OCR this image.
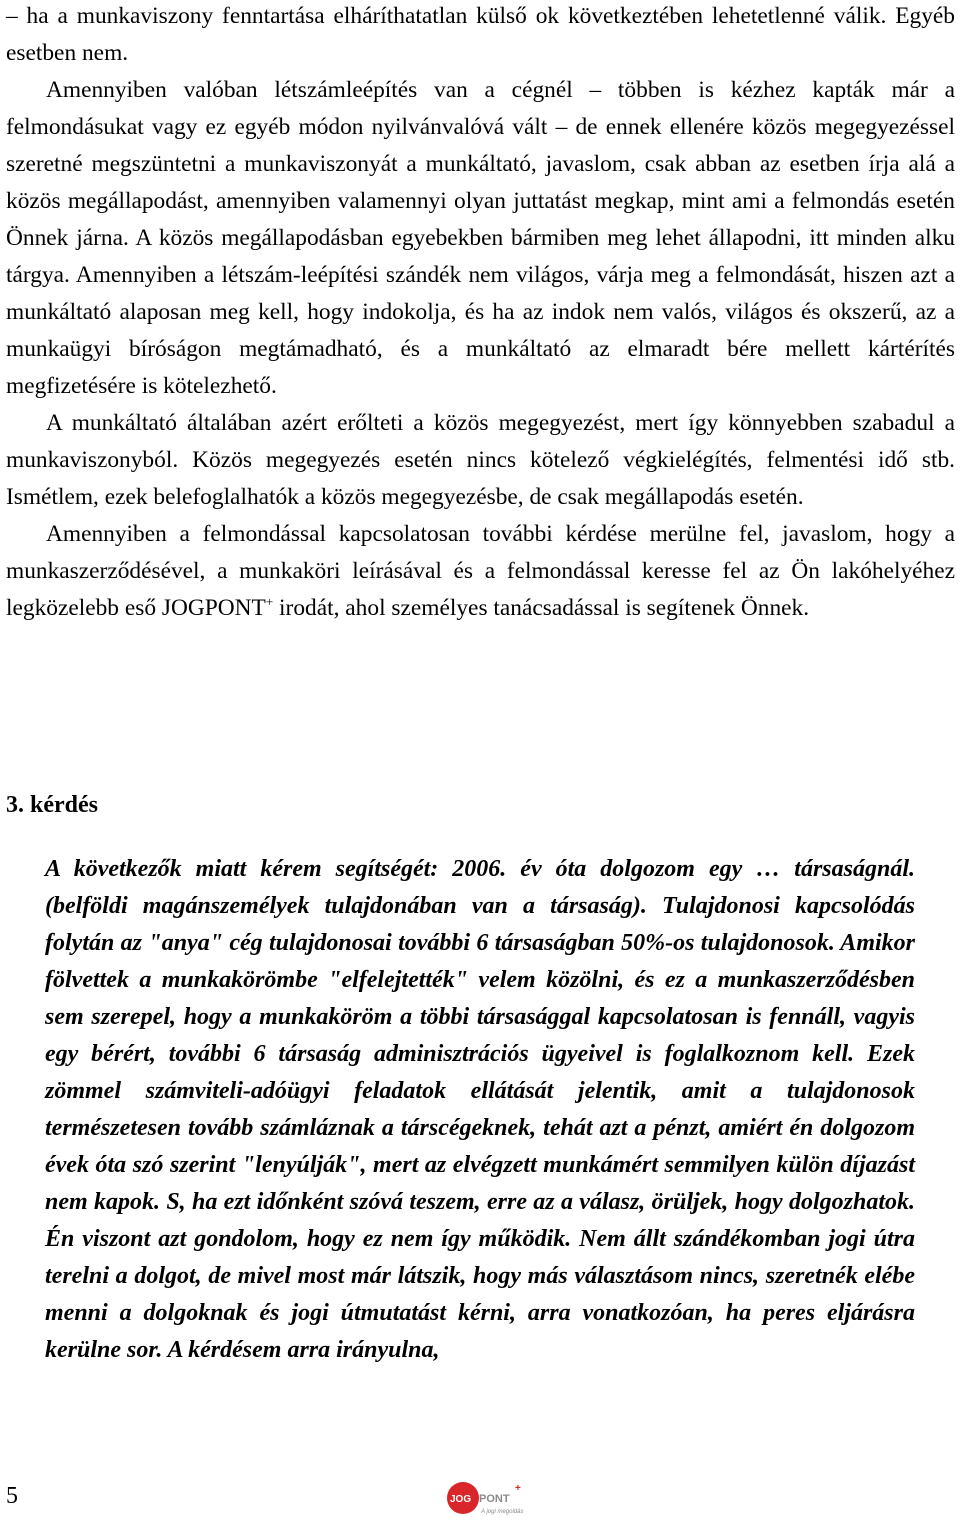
– ha a munkaviszony fenntartása elháríthatatlan külső ok következtében lehetetlenné válik. Egyéb esetben nem.

Amennyiben valóban létszámleépítés van a cégnél – többen is kézhez kapták már a felmondásukat vagy ez egyéb módon nyilvánvalóvá vált – de ennek ellenére közös megegyezéssel szeretné megszüntetni a munkaviszonyát a munkáltató, javaslom, csak abban az esetben írja alá a közös megállapodást, amennyiben valamennyi olyan juttatást megkap, mint ami a felmondás esetén Önnek járna. A közös megállapodásban egyebekben bármiben meg lehet állapodni, itt minden alku tárgya. Amennyiben a létszám-leépítési szándék nem világos, várja meg a felmondását, hiszen azt a munkáltató alaposan meg kell, hogy indokolja, és ha az indok nem valós, világos és okszerű, az a munkaügyi bíróságon megtámadható, és a munkáltató az elmaradt bére mellett kártérítés megfizetésére is kötelezhető.

A munkáltató általában azért erőlteti a közös megegyezést, mert így könnyebben szabadul a munkaviszonyból. Közös megegyezés esetén nincs kötelező végkielégítés, felmentési idő stb. Ismétlem, ezek belefoglalhatók a közös megegyezésbe, de csak megállapodás esetén.

Amennyiben a felmondással kapcsolatosan további kérdése merülne fel, javaslom, hogy a munkaszerződésével, a munkaköri leírásával és a felmondással keresse fel az Ön lakóhelyéhez legközelebb eső JOGPONT+ irodát, ahol személyes tanácsadással is segítenek Önnek.

3. kérdés

A következők miatt kérem segítségét: 2006. év óta dolgozom egy … társaságnál. (belföldi magánszemélyek tulajdonában van a társaság). Tulajdonosi kapcsolódás folytán az "anya" cég tulajdonosai további 6 társaságban 50%-os tulajdonosok. Amikor fölvettek a munkakörömbe "elfelejtették" velem közölni, és ez a munkaszerződésben sem szerepel, hogy a munkaköröm a többi társasággal kapcsolatosan is fennáll, vagyis egy bérért, további 6 társaság adminisztrációs ügyeivel is foglalkoznom kell. Ezek zömmel számviteli-adóügyi feladatok ellátását jelentik, amit a tulajdonosok természetesen tovább számláznak a társcégeknek, tehát azt a pénzt, amiért én dolgozom évek óta szó szerint "lenyúlják", mert az elvégzett munkámért semmilyen külön díjazást nem kapok. S, ha ezt időnként szóvá teszem, erre az a válasz, örüljek, hogy dolgozhatok. Én viszont azt gondolom, hogy ez nem így működik. Nem állt szándékomban jogi útra terelni a dolgot, de mivel most már látszik, hogy más választásom nincs, szeretnék elébe menni a dolgoknak és jogi útmutatást kérni, arra vonatkozóan, ha peres eljárásra kerülne sor. A kérdésem arra irányulna,

5	JOG PONT
+
A jogi megoldás
